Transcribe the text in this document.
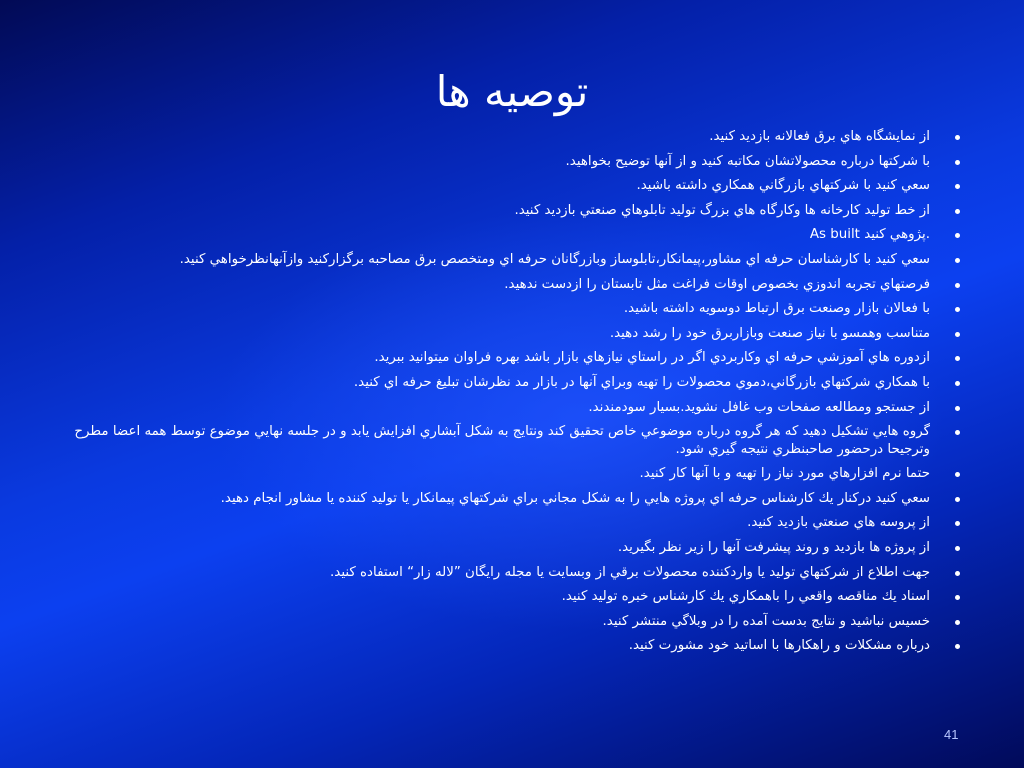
توصيه ها
از نمايشگاه هاي برق فعالانه بازديد كنيد.
با شركتها درباره محصولاتشان مكاتبه كنيد و از آنها توضيح بخواهيد.
سعي كنيد با شركتهاي بازرگاني همكاري داشته باشيد.
از خط توليد كارخانه ها وكارگاه هاي بزرگ توليد تابلوهاي صنعتي بازديد كنيد.
As built پژوهي كنيد.
سعي كنيد با كارشناسان حرفه اي مشاور،پيمانكار،تابلوساز وبازرگانان حرفه اي ومتخصص برق مصاحبه برگزاركنيد وازآنهانظرخواهي كنيد.
فرصتهاي تجربه اندوزي بخصوص اوقات فراغت مثل تابستان را ازدست ندهيد.
با فعالان بازار وصنعت برق ارتباط دوسويه داشته باشيد.
متناسب وهمسو با نياز صنعت وبازاربرق خود را رشد دهيد.
ازدوره هاي آموزشي حرفه اي وكاربردي اگر در راستاي نيازهاي بازار باشد بهره فراوان ميتوانيد ببريد.
با همكاري شركتهاي بازرگاني،دموي محصولات را تهيه وبراي آنها در بازار مد نظرشان تبليغ حرفه اي كنيد.
از جستجو ومطالعه صفحات وب غافل نشويد.بسيار سودمندند.
گروه هايي تشكيل دهيد كه هر گروه درباره موضوعي خاص تحقيق كند ونتايج به شكل آبشاري افزايش يابد و در جلسه نهايي موضوع توسط همه اعضا مطرح وترجيحا درحضور صاحبنظري نتيجه گيري شود.
حتما نرم افزارهاي مورد نياز را تهيه و با آنها كار كنيد.
سعي كنيد دركنار يك كارشناس حرفه اي پروژه هايي را به شكل مجاني براي شركتهاي پيمانكار يا توليد كننده يا مشاور انجام دهيد.
از پروسه هاي صنعتي بازديد كنيد.
از پروژه ها بازديد و روند پيشرفت آنها را زير نظر بگيريد.
جهت اطلاع از شركتهاي توليد يا واردكننده محصولات برقي از وبسايت يا مجله رايگان ”لاله زار“ استفاده كنيد.
اسناد يك مناقصه واقعي را باهمكاري يك كارشناس خبره توليد كنيد.
خسيس نباشيد و نتايج بدست آمده را در وبلاگي منتشر كنيد.
درباره مشكلات و راهكارها با اساتيد خود مشورت كنيد.
41
